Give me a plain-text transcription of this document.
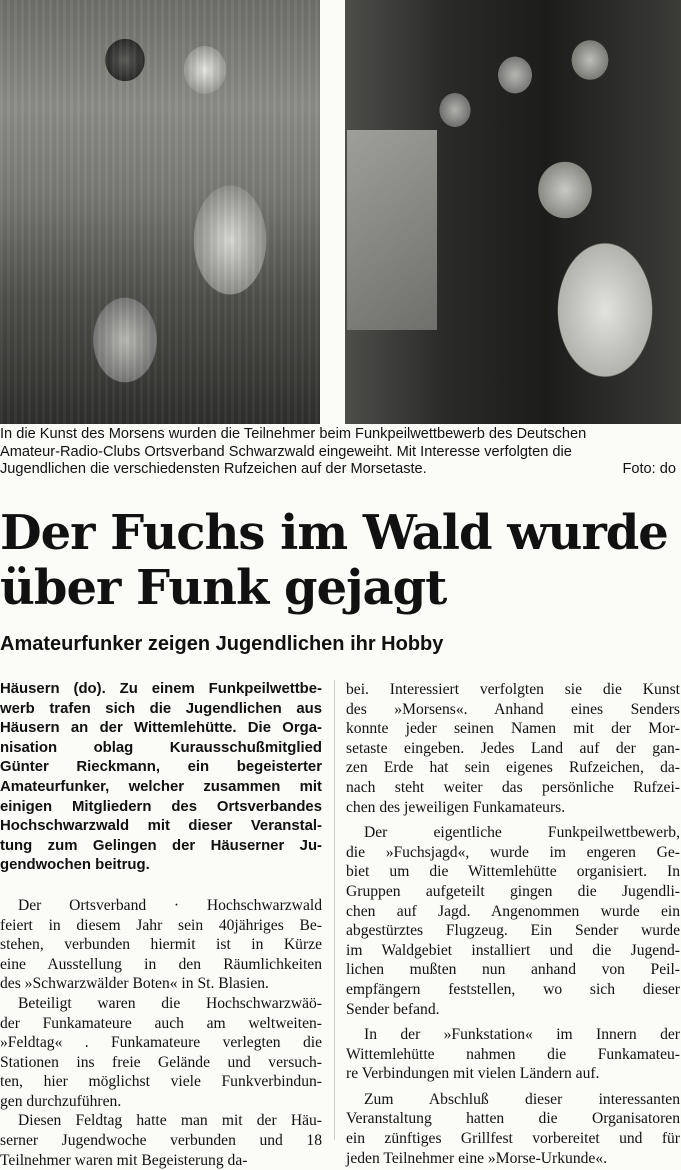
In die Kunst des Morsens wurden die Teilnehmer beim Funkpeilwettbewerb des Deutschen
Amateur-Radio-Clubs Ortsverband Schwarzwald eingeweiht. Mit Interesse verfolgten die
Jugendlichen die verschiedensten Rufzeichen auf der Morsetaste.	Foto: do
Der Fuchs im Wald wurde
über Funk gejagt
Amateurfunker zeigen Jugendlichen ihr Hobby

Häusern (do). Zu einem Funkpeilwettbe-
werb trafen sich die Jugendlichen aus
Häusern an der Wittemlehütte. Die Orga-
nisation oblag Kurausschußmitglied
Günter Rieckmann, ein begeisterter
Amateurfunker, welcher zusammen mit
einigen Mitgliedern des Ortsverbandes
Hochschwarzwald mit dieser Veranstal-
tung zum Gelingen der Häuserner Ju-
gendwochen beitrug.

Der Ortsverband · Hochschwarzwald
feiert in diesem Jahr sein 40jähriges Be-
stehen, verbunden hiermit ist in Kürze
eine Ausstellung in den Räumlichkeiten
des »Schwarzwälder Boten« in St. Blasien.

Beteiligt waren die Hochschwarzwäö-
der Funkamateure auch am weltweiten-
»Feldtag« . Funkamateure verlegten die
Stationen ins freie Gelände und versuch-
ten, hier möglichst viele Funkverbindun-
gen durchzuführen.

Diesen Feldtag hatte man mit der Häu-
serner Jugendwoche verbunden und 18
Teilnehmer waren mit Begeisterung da-

bei. Interessiert verfolgten sie die Kunst
des »Morsens«. Anhand eines Senders
konnte jeder seinen Namen mit der Mor-
setaste eingeben. Jedes Land auf der gan-
zen Erde hat sein eigenes Rufzeichen, da-
nach steht weiter das persönliche Rufzei-
chen des jeweiligen Funkamateurs.

Der eigentliche Funkpeilwettbewerb,
die »Fuchsjagd«, wurde im engeren Ge-
biet um die Wittemlehütte organisiert. In
Gruppen aufgeteilt gingen die Jugendli-
chen auf Jagd. Angenommen wurde ein
abgestürztes Flugzeug. Ein Sender wurde
im Waldgebiet installiert und die Jugend-
lichen mußten nun anhand von Peil-
empfängern feststellen, wo sich dieser
Sender befand.

In der »Funkstation« im Innern der
Wittemlehütte nahmen die Funkamateu-
re Verbindungen mit vielen Ländern auf.

Zum Abschluß dieser interessanten
Veranstaltung hatten die Organisatoren
ein zünftiges Grillfest vorbereitet und für
jeden Teilnehmer eine »Morse-Urkunde«.
